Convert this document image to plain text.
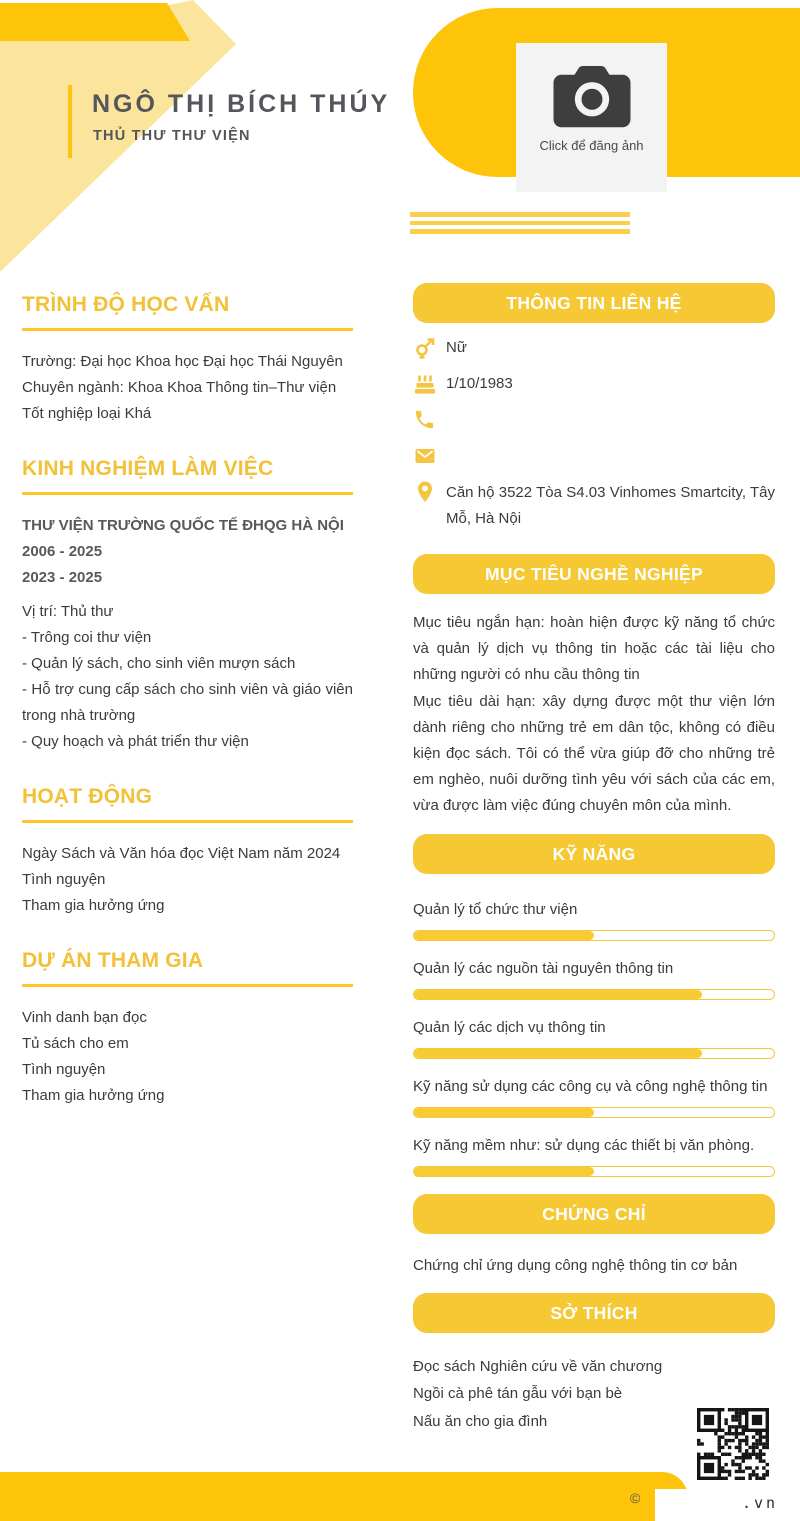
NGÔ THỊ BÍCH THÚY
THỦ THƯ THƯ VIỆN
Click để đăng ảnh
TRÌNH ĐỘ HỌC VẤN
Trường: Đại học Khoa học Đại học Thái Nguyên
Chuyên ngành: Khoa Khoa Thông tin–Thư viện
Tốt nghiệp loại Khá
KINH NGHIỆM LÀM VIỆC
THƯ VIỆN TRƯỜNG QUỐC TẾ ĐHQG HÀ NỘI
2006 - 2025
2023 - 2025
Vị trí: Thủ thư
- Trông coi thư viện
- Quản lý sách, cho sinh viên mượn sách
- Hỗ trợ cung cấp sách cho sinh viên và giáo viên trong nhà trường
- Quy hoạch và phát triển thư viện
HOẠT ĐỘNG
Ngày Sách và Văn hóa đọc Việt Nam năm 2024
Tình nguyện
Tham gia hưởng ứng
DỰ ÁN THAM GIA
Vinh danh bạn đọc
Tủ sách cho em
Tình nguyện
Tham gia hưởng ứng
THÔNG TIN LIÊN HỆ
Nữ
1/10/1983
Căn hộ 3522 Tòa S4.03 Vinhomes Smartcity, Tây Mỗ, Hà Nội
MỤC TIÊU NGHỀ NGHIỆP
Mục tiêu ngắn hạn: hoàn hiện được kỹ năng tổ chức và quản lý dịch vụ thông tin hoặc các tài liệu cho những người có nhu cầu thông tin
Mục tiêu dài hạn: xây dựng được một thư viện lớn dành riêng cho những trẻ em dân tộc, không có điều kiện đọc sách. Tôi có thể vừa giúp đỡ cho những trẻ em nghèo, nuôi dưỡng tình yêu với sách của các em, vừa được làm việc đúng chuyên môn của mình.
KỸ NĂNG
Quản lý tổ chức thư viện
Quản lý các nguồn tài nguyên thông tin
Quản lý các dịch vụ thông tin
Kỹ năng sử dụng các công cụ và công nghệ thông tin
Kỹ năng mềm như: sử dụng các thiết bị văn phòng.
CHỨNG CHỈ
Chứng chỉ ứng dụng công nghệ thông tin cơ bản
SỞ THÍCH
Đọc sách Nghiên cứu về văn chương
Ngồi cà phê tán gẫu với bạn bè
Nấu ăn cho gia đình
©	.vn
